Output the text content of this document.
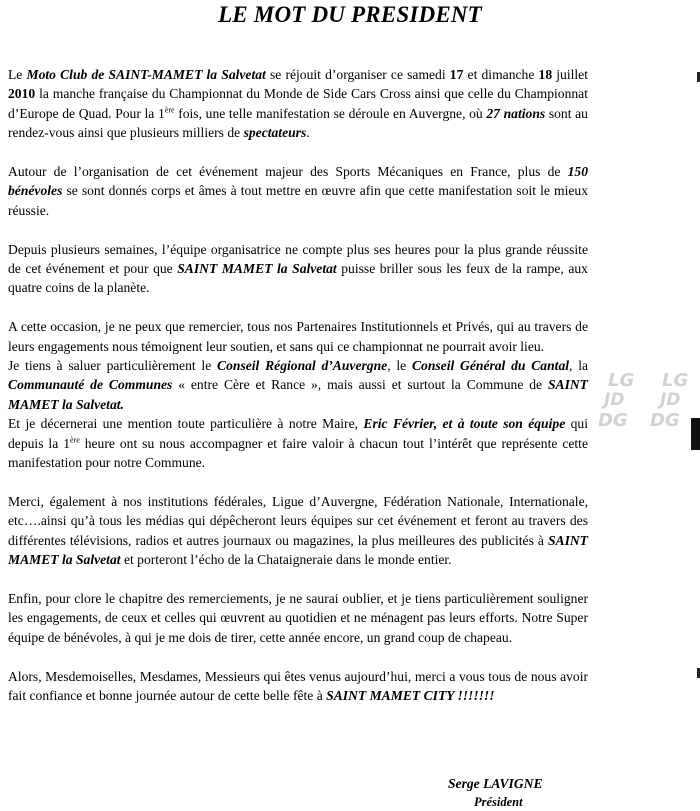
LE MOT DU PRESIDENT

Le Moto Club de SAINT-MAMET la Salvetat se réjouit d’organiser ce samedi 17 et dimanche 18 juillet 2010 la manche française du Championnat du Monde de Side Cars Cross ainsi que celle du Championnat d’Europe de Quad. Pour la 1ère fois, une telle manifestation se déroule en Auvergne, où 27 nations sont au rendez-vous ainsi que plusieurs milliers de spectateurs.

Autour de l’organisation de cet événement majeur des Sports Mécaniques en France, plus de 150 bénévoles se sont donnés corps et âmes à tout mettre en œuvre afin que cette manifestation soit le mieux réussie.

Depuis plusieurs semaines, l’équipe organisatrice ne compte plus ses heures pour la plus grande réussite de cet événement et pour que SAINT MAMET la Salvetat puisse briller sous les feux de la rampe, aux quatre coins de la planète.

A cette occasion, je ne peux que remercier, tous nos Partenaires Institutionnels et Privés, qui au travers de leurs engagements nous témoignent leur soutien, et sans qui ce championnat ne pourrait avoir lieu.

Je tiens à saluer particulièrement le Conseil Régional d’Auvergne, le Conseil Général du Cantal, la Communauté de Communes « entre Cère et Rance », mais aussi et surtout la Commune de SAINT MAMET la Salvetat.

Et je décernerai une mention toute particulière à notre Maire, Eric Février, et à toute son équipe qui depuis la 1ère heure ont su nous accompagner et faire valoir à chacun tout l’intérêt que représente cette manifestation pour notre Commune.

Merci, également à nos institutions fédérales, Ligue d’Auvergne, Fédération Nationale, Internationale, etc….ainsi qu’à tous les médias qui dépêcheront leurs équipes sur cet événement et feront au travers des différentes télévisions, radios et autres journaux ou magazines, la plus meilleures des publicités à SAINT MAMET la Salvetat et porteront l’écho de la Chataigneraie dans le monde entier.

Enfin, pour clore le chapitre des remerciements, je ne saurai oublier, et je tiens particulièrement souligner les engagements, de ceux et celles qui œuvrent au quotidien et ne ménagent pas leurs efforts. Notre Super équipe de bénévoles, à qui je me dois de tirer, cette année encore, un grand coup de chapeau.

Alors, Mesdemoiselles, Mesdames, Messieurs qui êtes venus aujourd’hui, merci a vous tous de nous avoir fait confiance et bonne journée autour de cette belle fête à SAINT MAMET CITY !!!!!!!

Serge LAVIGNE
Président
LG LG
JD JD
DG DG
